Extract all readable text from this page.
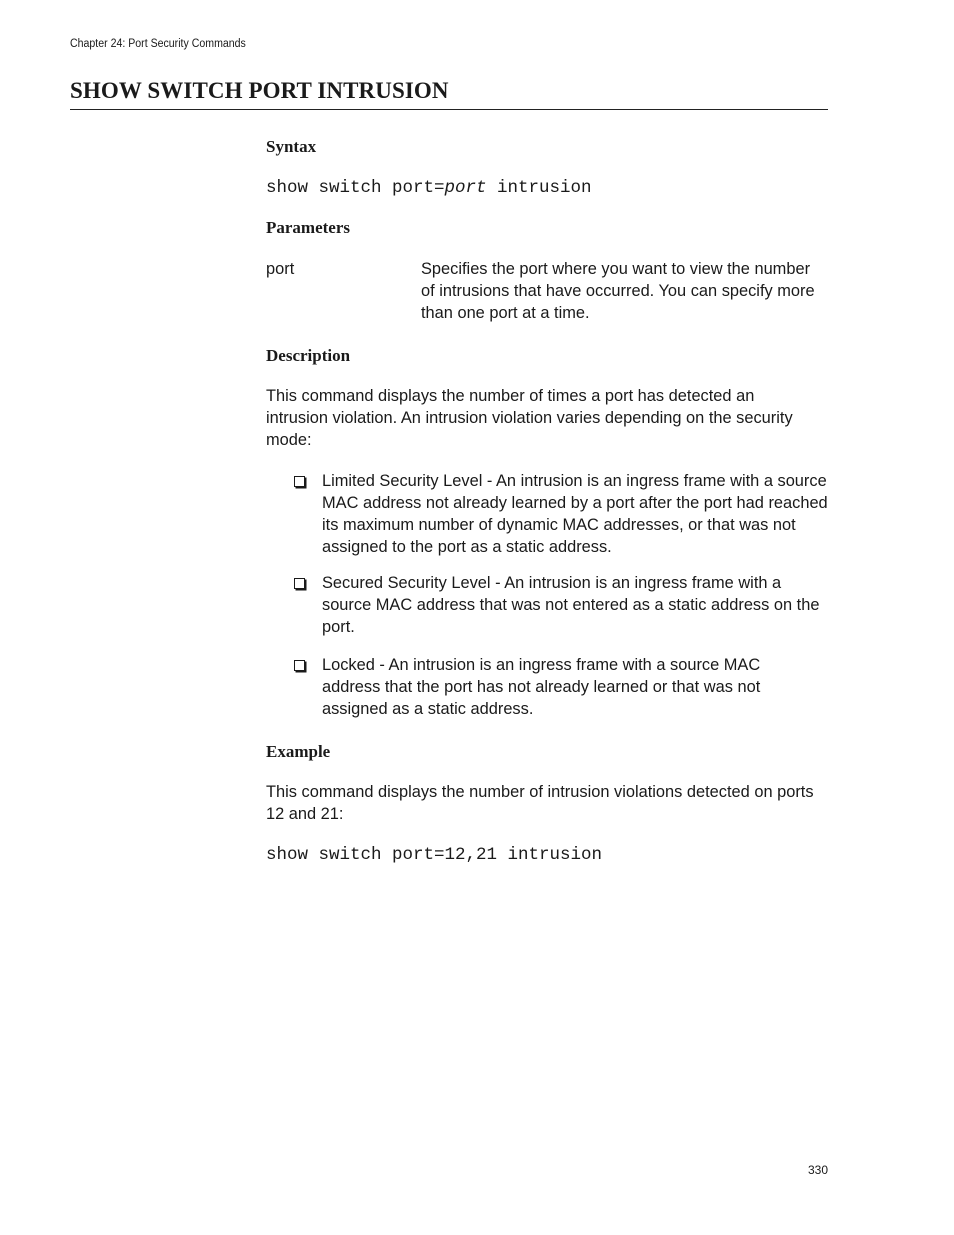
Chapter 24: Port Security Commands
SHOW SWITCH PORT INTRUSION
Syntax
show switch port=port intrusion
Parameters

port	Specifies the port where you want to view the number of intrusions that have occurred. You can specify more than one port at a time.

Description

This command displays the number of times a port has detected an intrusion violation. An intrusion violation varies depending on the security mode:

Limited Security Level - An intrusion is an ingress frame with a source MAC address not already learned by a port after the port had reached its maximum number of dynamic MAC addresses, or that was not assigned to the port as a static address.

Secured Security Level - An intrusion is an ingress frame with a source MAC address that was not entered as a static address on the port.

Locked - An intrusion is an ingress frame with a source MAC address that the port has not already learned or that was not assigned as a static address.

Example

This command displays the number of intrusion violations detected on ports 12 and 21:

show switch port=12,21 intrusion
330
